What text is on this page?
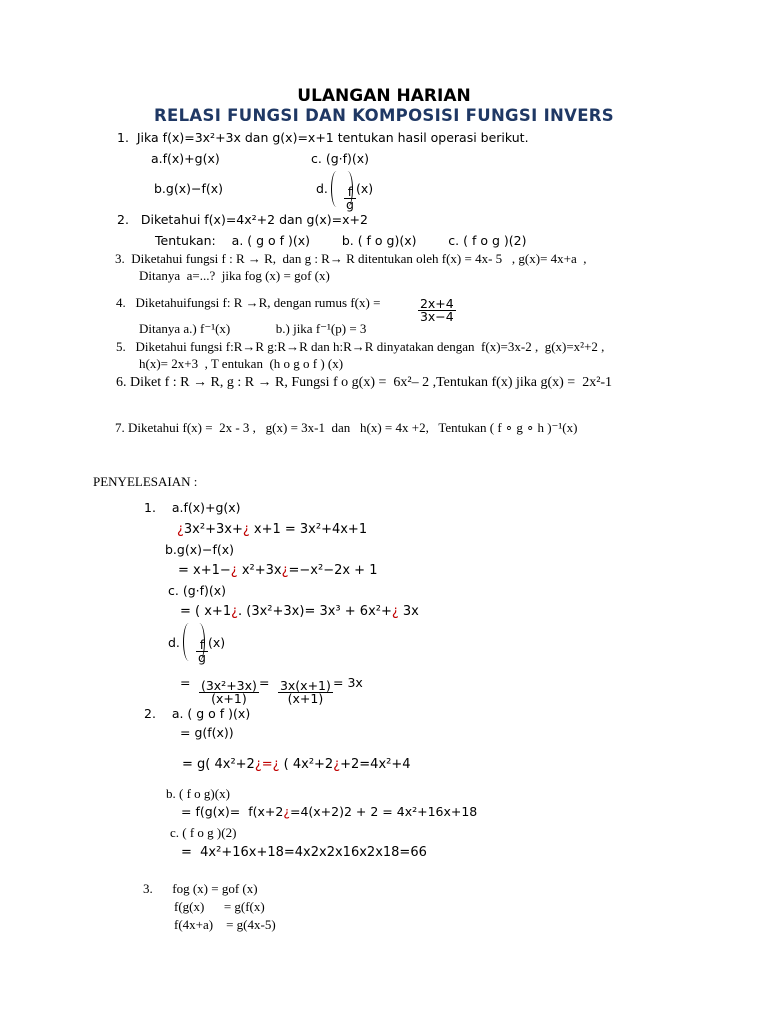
ULANGAN HARIAN
RELASI FUNGSI DAN KOMPOSISI FUNGSI INVERS
1.  Jika f(x)=3x²+3x dan g(x)=x+1 tentukan hasil operasi berikut.
a.f(x)+g(x)	c. (g·f)(x)
b.g(x)−f(x)	d.

$\frac{f}{g} (x)$
2.   Diketahui f(x)=4x²+2 dan g(x)=x+2
Tentukan:    a. ( g o f )(x)        b. ( f o g)(x)        c. ( f o g )(2)
3.  Diketahui fungsi f : R → R,  dan g : R→ R ditentukan oleh f(x) = 4x- 5   , g(x)= 4x+a  ,
Ditanya  a=...?  jika fog (x) = gof (x)
4.   Diketahuifungsi f: R →R, dengan rumus f(x) =

	$\frac{2x+4}{3x-4}$

Ditanya a.) f⁻¹(x)              b.) jika f⁻¹(p) = 3
5.   Diketahui fungsi f:R→R g:R→R dan h:R→R dinyatakan dengan  f(x)=3x-2 ,  g(x)=x²+2 ,
h(x)= 2x+3  , T entukan  (h o g o f ) (x)
6. Diket f : R → R, g : R → R, Fungsi f o g(x) =  6x²– 2 ,Tentukan f(x) jika g(x) =  2x²-1
7. Diketahui f(x) =  2x - 3 ,   g(x) = 3x-1  dan   h(x) = 4x +2,   Tentukan ( f ∘ g ∘ h )⁻¹(x)
PENYELESAIAN :
1.    a.f(x)+g(x)
¿3x²+3x+¿ x+1 = 3x²+4x+1
b.g(x)−f(x)
= x+1−¿ x²+3x¿=−x²−2x + 1
c. (g·f)(x)
= ( x+1¿. (3x²+3x)= 3x³ + 6x²+¿ 3x
d.

$\frac{f}{g} (x)$
=

$\frac{\text{(3x²+3x)}}{(x+1)}$ =

$\frac{3x(x+1)}{(x+1)} = 3x$
2.    a. ( g o f )(x)
= g(f(x))
= g( 4x²+2¿=¿ ( 4x²+2¿+2=4x²+4
b. ( f o g)(x)
= f(g(x)=  f(x+2¿=4(x+2)2 + 2 = 4x²+16x+18
c. ( f o g )(2)
=  4x²+16x+18=4x2x2x16x2x18=66
3.      fog (x) = gof (x)
f(g(x)      = g(f(x)
f(4x+a)    = g(4x-5)
